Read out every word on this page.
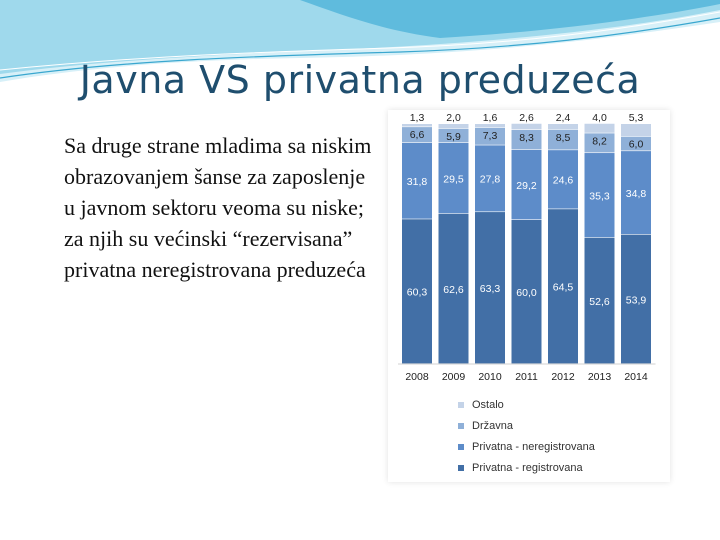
Javna VS privatna preduzeća
Sa druge strane mladima sa niskim obrazovanjem šanse za zaposlenje u javnom sektoru veoma su niske; za njih su većinski “rezervisana” privatna neregistrovana preduzeća
60,3
31,8
6,6
1,3
2008
62,6
29,5
5,9
2,0
2009
63,3
27,8
7,3
1,6
2010
60,0
29,2
8,3
2,6
2011
64,5
24,6
8,5
2,4
2012
52,6
35,3
8,2
4,0
2013
53,9
34,8
6,0
5,3
2014
Ostalo
Državna
Privatna - neregistrovana
Privatna - registrovana
